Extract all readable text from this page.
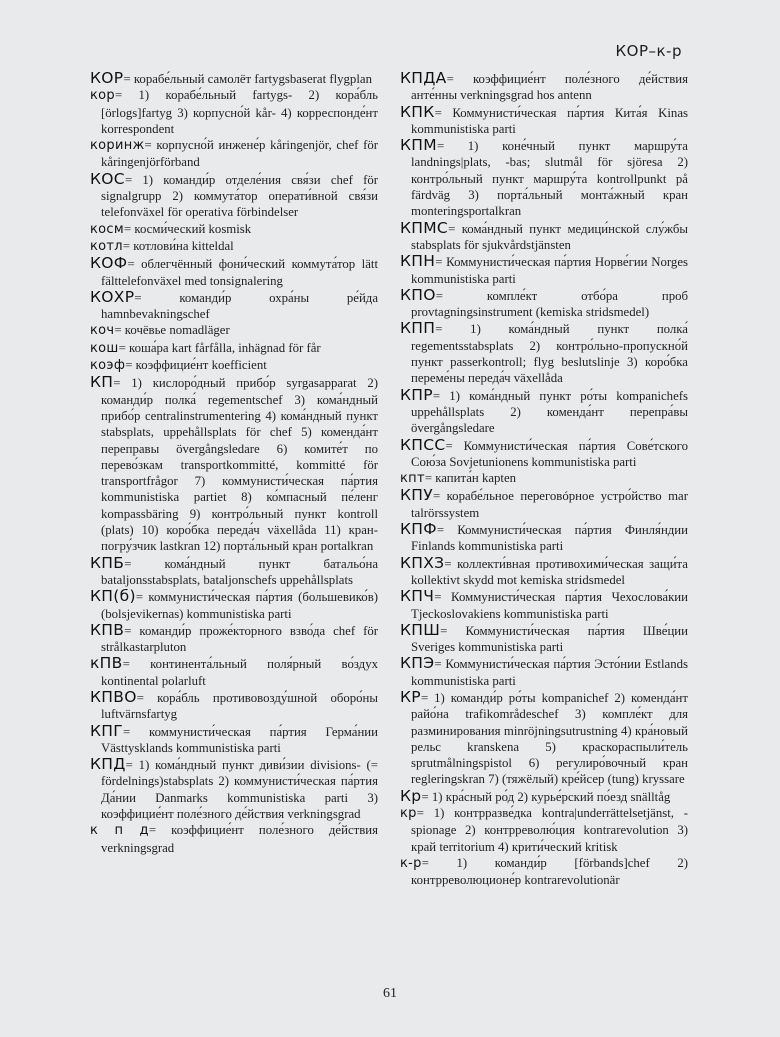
КОР–к-р

КОР= корабе́льный самолёт fartygsbaserat flygplan

кор= 1) корабе́льный fartygs- 2) кора́бль [örlogs]fartyg 3) корпусно́й kår- 4) корреспонде́нт korrespondent

коринж= корпусно́й инжене́р kåringenjör, chef för kåringenjörförband

КОС= 1) команди́р отделе́ния свя́зи chef för signalgrupp 2) коммута́тор операти́вной свя́зи telefonväxel för operativa förbindelser

косм= косми́ческий kosmisk

котл= котлови́на kitteldal

КОФ= облегчённый фони́ческий коммута́тор lätt fälttelefonväxel med tonsignalering

КОХР= команди́р охра́ны ре́йда hamnbevakningschef

коч= кочёвье nomadläger

кош= коша́ра kart fårfålla, inhägnad för får

коэф= коэффицие́нт koefficient

КП= 1) кислоро́дный прибо́р syrgasapparat 2) команди́р полка́ regementschef 3) кома́ндный прибо́р centralinstrumentering 4) кома́ндный пункт stabsplats, uppehållsplats för chef 5) коменда́нт переправы övergångsledare 6) комите́т по перево́зкам transportkommitté, kommitté för transportfrågor 7) коммунисти́ческая па́ртия kommunistiska partiet 8) ко́мпасный пе́ленг kompassbäring 9) контро́льный пункт kontroll (plats) 10) коро́бка переда́ч växellåda 11) кран-погру́зчик lastkran 12) порта́льный кран portalkran

КПБ= кома́ндный пункт батальо́на bataljonsstabsplats, bataljonschefs uppehållsplats

КП(б)= коммунисти́ческая па́ртия (большевико́в) (bolsjevikernas) kommunistiska parti

КПВ= команди́р проже́кторного взво́да chef för strålkastarpluton

кПВ= континента́льный поля́рный во́здух kontinental polarluft

КПВО= кора́бль противовозду́шной оборо́ны luftvärnsfartyg

КПГ= коммунисти́ческая па́ртия Герма́нии Västtysklands kommunistiska parti

КПД= 1) кома́ндный пункт диви́зии divisions- (= fördelnings)stabsplats 2) коммунисти́ческая па́ртия Да́нии Danmarks kommunistiska parti 3) коэффицие́нт поле́зного де́йствия verkningsgrad

к п д= коэффицие́нт поле́зного де́йствия verkningsgrad

КПДА= коэффицие́нт поле́зного де́йствия анте́нны verkningsgrad hos antenn

КПК= Коммунисти́ческая па́ртия Кита́я Kinas kommunistiska parti

КПМ= 1) коне́чный пункт маршру́та landnings|plats, -bas; slutmål för sjöresa 2) контро́льный пункт маршру́та kontrollpunkt på färdväg 3) порта́льный монта́жный кран monteringsportalkran

КПМС= кома́ндный пункт медици́нской слу́жбы stabsplats för sjukvårdstjänsten

КПН= Коммунисти́ческая па́ртия Норве́гии Norges kommunistiska parti

КПО= компле́кт отбо́ра проб provtagningsinstrument (kemiska stridsmedel)

КПП= 1) кома́ндный пункт полка́ regementsstabsplats 2) контро́льно-пропускно́й пункт passerkontroll; flyg beslutslinje 3) коро́бка переме́ны переда́ч växellåda

КПР= 1) кома́ндный пункт ро́ты kompanichefs uppehållsplats 2) коменда́нт перепра́вы övergångsledare

КПСС= Коммунисти́ческая па́ртия Сове́тского Сою́за Sovjetunionens kommunistiska parti

кпт= капита́н kapten

КПУ= корабе́льное переговóрное устро́йство mar talrörssystem

КПФ= Коммунисти́ческая па́ртия Финля́ндии Finlands kommunistiska parti

КПХЗ= коллекти́вная противохими́ческая защи́та kollektivt skydd mot kemiska stridsmedel

КПЧ= Коммунисти́ческая па́ртия Чехослова́кии Tjeckoslovakiens kommunistiska parti

КПШ= Коммунисти́ческая па́ртия Шве́ции Sveriges kommunistiska parti

КПЭ= Коммунисти́ческая па́ртия Эсто́нии Estlands kommunistiska parti

КР= 1) команди́р ро́ты kompanichef 2) коменда́нт райо́на trafikområdeschef 3) компле́кт для разминирования minröjningsutrustning 4) кра́новый рельс kranskena 5) краскораспыли́тель sprutmålningspistol 6) регулиро́вочный кран regleringskran 7) (тяжёлый) кре́йсер (tung) kryssare

Кр= 1) кра́сный ро́д 2) курье́рский по́езд snälltåg

кр= 1) контрразве́дка kontra|underrättelsetjänst, -spionage 2) контрреволю́ция kontrarevolution 3) край territorium 4) крити́ческий kritisk

к-р= 1) команди́р [förbands]chef 2) контрреволюционе́р kontrarevolutionär

61
